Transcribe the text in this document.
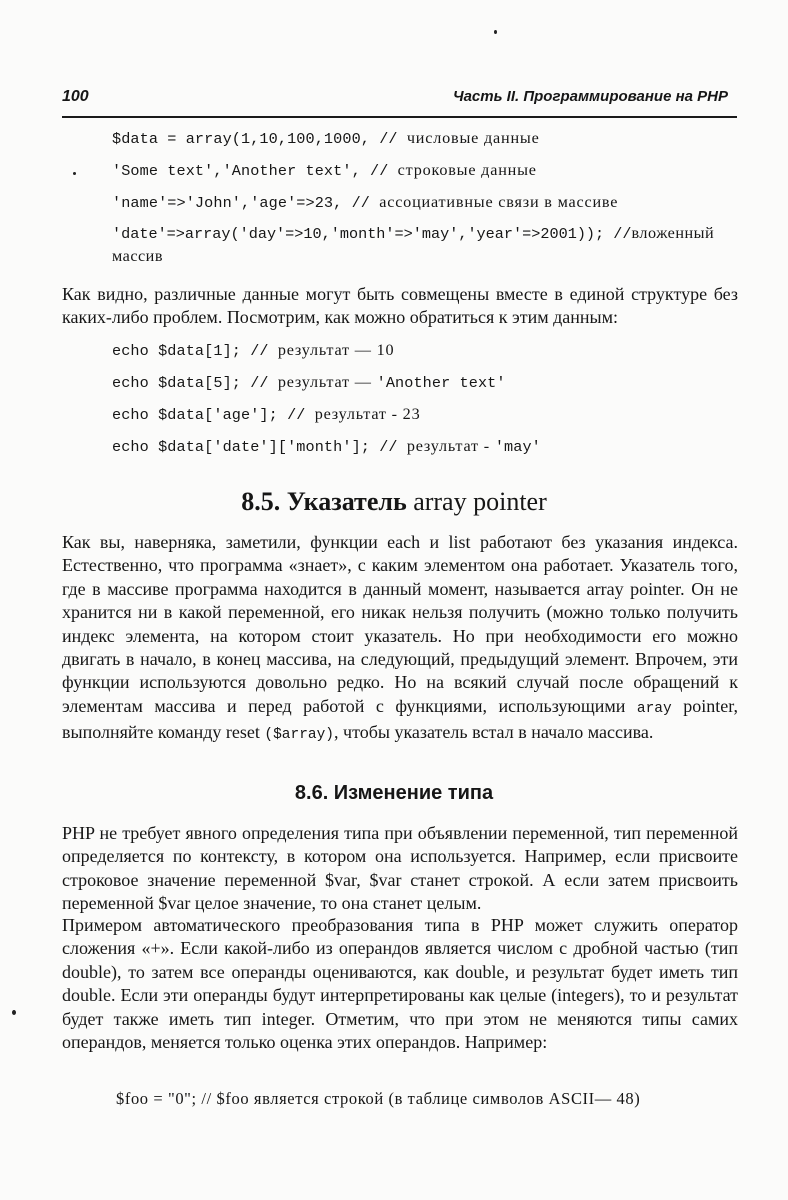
100	Часть II. Программирование на PHP
$data = array(1,10,100,1000, // числовые данные
'Some text','Another text', // строковые данные
'name'=>'John','age'=>23, // ассоциативные связи в массиве
'date'=>array('day'=>10,'month'=>'may','year'=>2001)); //вложенный массив
Как видно, различные данные могут быть совмещены вместе в единой структуре без каких-либо проблем. Посмотрим, как можно обратиться к этим данным:
echo $data[1]; // результат — 10
echo $data[5]; // результат — 'Another text'
echo $data['age']; // результат - 23
echo $data['date']['month']; // результат - 'may'
8.5. Указатель array pointer
Как вы, наверняка, заметили, функции each и list работают без указания индекса. Естественно, что программа «знает», с каким элементом она работает. Указатель того, где в массиве программа находится в данный момент, называется array pointer. Он не хранится ни в какой переменной, его никак нельзя получить (можно только получить индекс элемента, на котором стоит указатель. Но при необходимости его можно двигать в начало, в конец массива, на следующий, предыдущий элемент. Впрочем, эти функции используются довольно редко. Но на всякий случай после обращений к элементам массива и перед работой с функциями, использующими aray pointer, выполняйте команду reset ($array), чтобы указатель встал в начало массива.
8.6. Изменение типа
PHP не требует явного определения типа при объявлении переменной, тип переменной определяется по контексту, в котором она используется. Например, если присвоите строковое значение переменной $var, $var станет строкой. А если затем присвоить переменной $var целое значение, то она станет целым.
Примером автоматического преобразования типа в PHP может служить оператор сложения «+». Если какой-либо из операндов является числом с дробной частью (тип double), то затем все операнды оцениваются, как double, и результат будет иметь тип double. Если эти операнды будут интерпретированы как целые (integers), то и результат будет также иметь тип integer. Отметим, что при этом не меняются типы самих операндов, меняется только оценка этих операндов. Например:
$foo = "0"; // $foo является строкой (в таблице символов ASCII— 48)
